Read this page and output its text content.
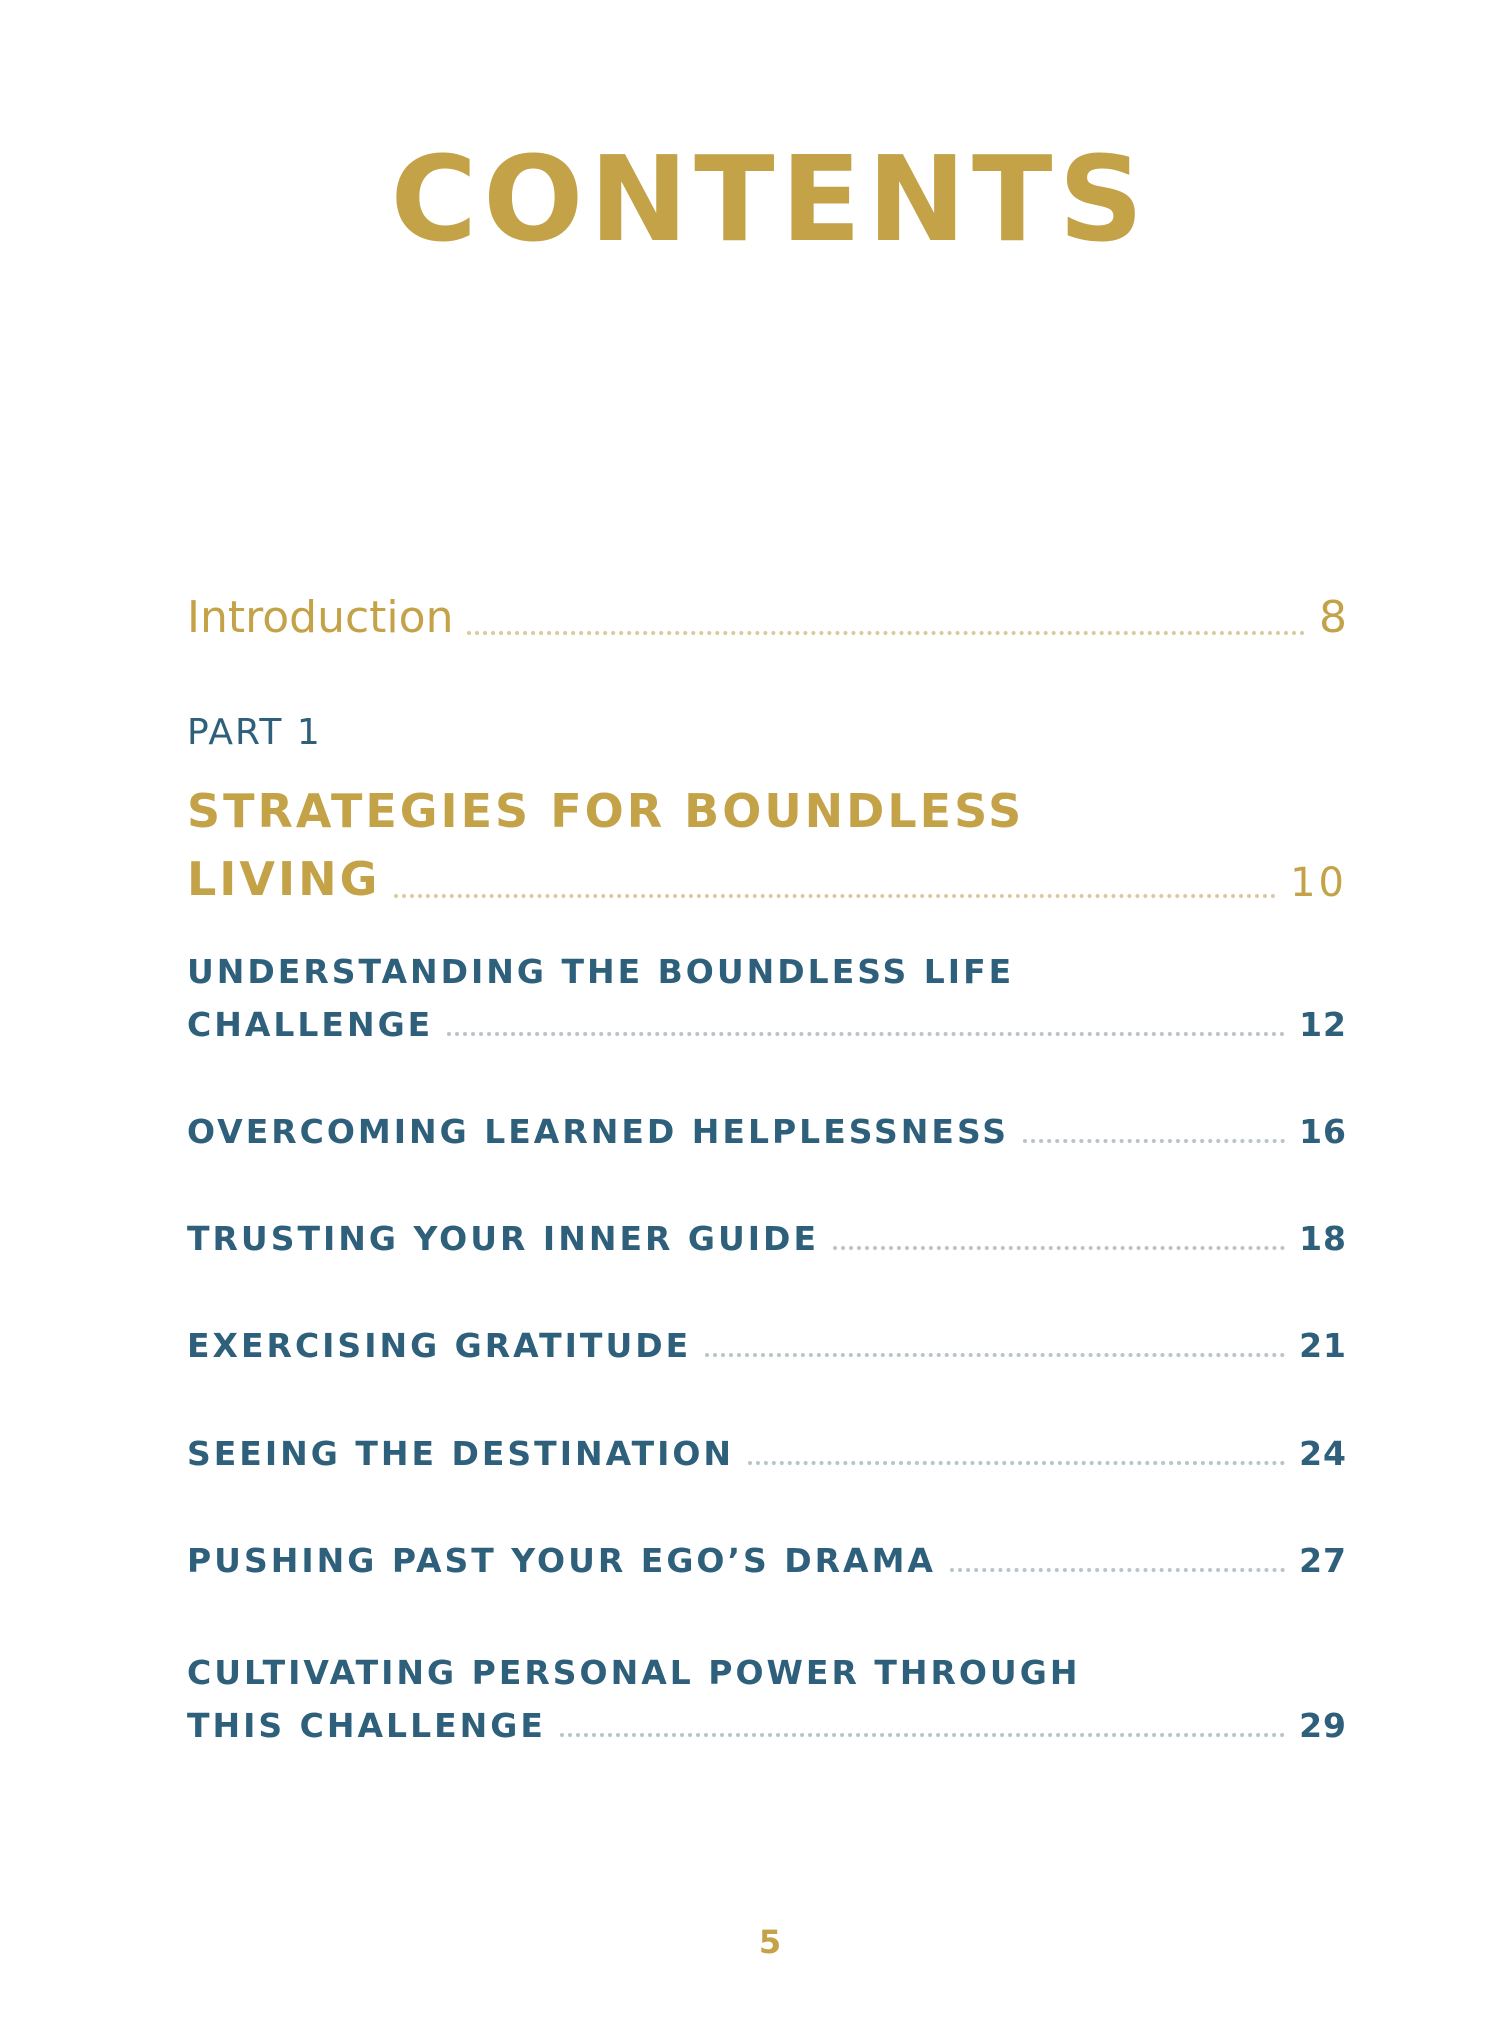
CONTENTS
Introduction	8
PART 1
STRATEGIES FOR BOUNDLESS
LIVING	10
UNDERSTANDING THE BOUNDLESS LIFE
CHALLENGE	12
OVERCOMING LEARNED HELPLESSNESS	16
TRUSTING YOUR INNER GUIDE	18
EXERCISING GRATITUDE	21
SEEING THE DESTINATION	24
PUSHING PAST YOUR EGO’S DRAMA	27
CULTIVATING PERSONAL POWER THROUGH
THIS CHALLENGE	29
5
